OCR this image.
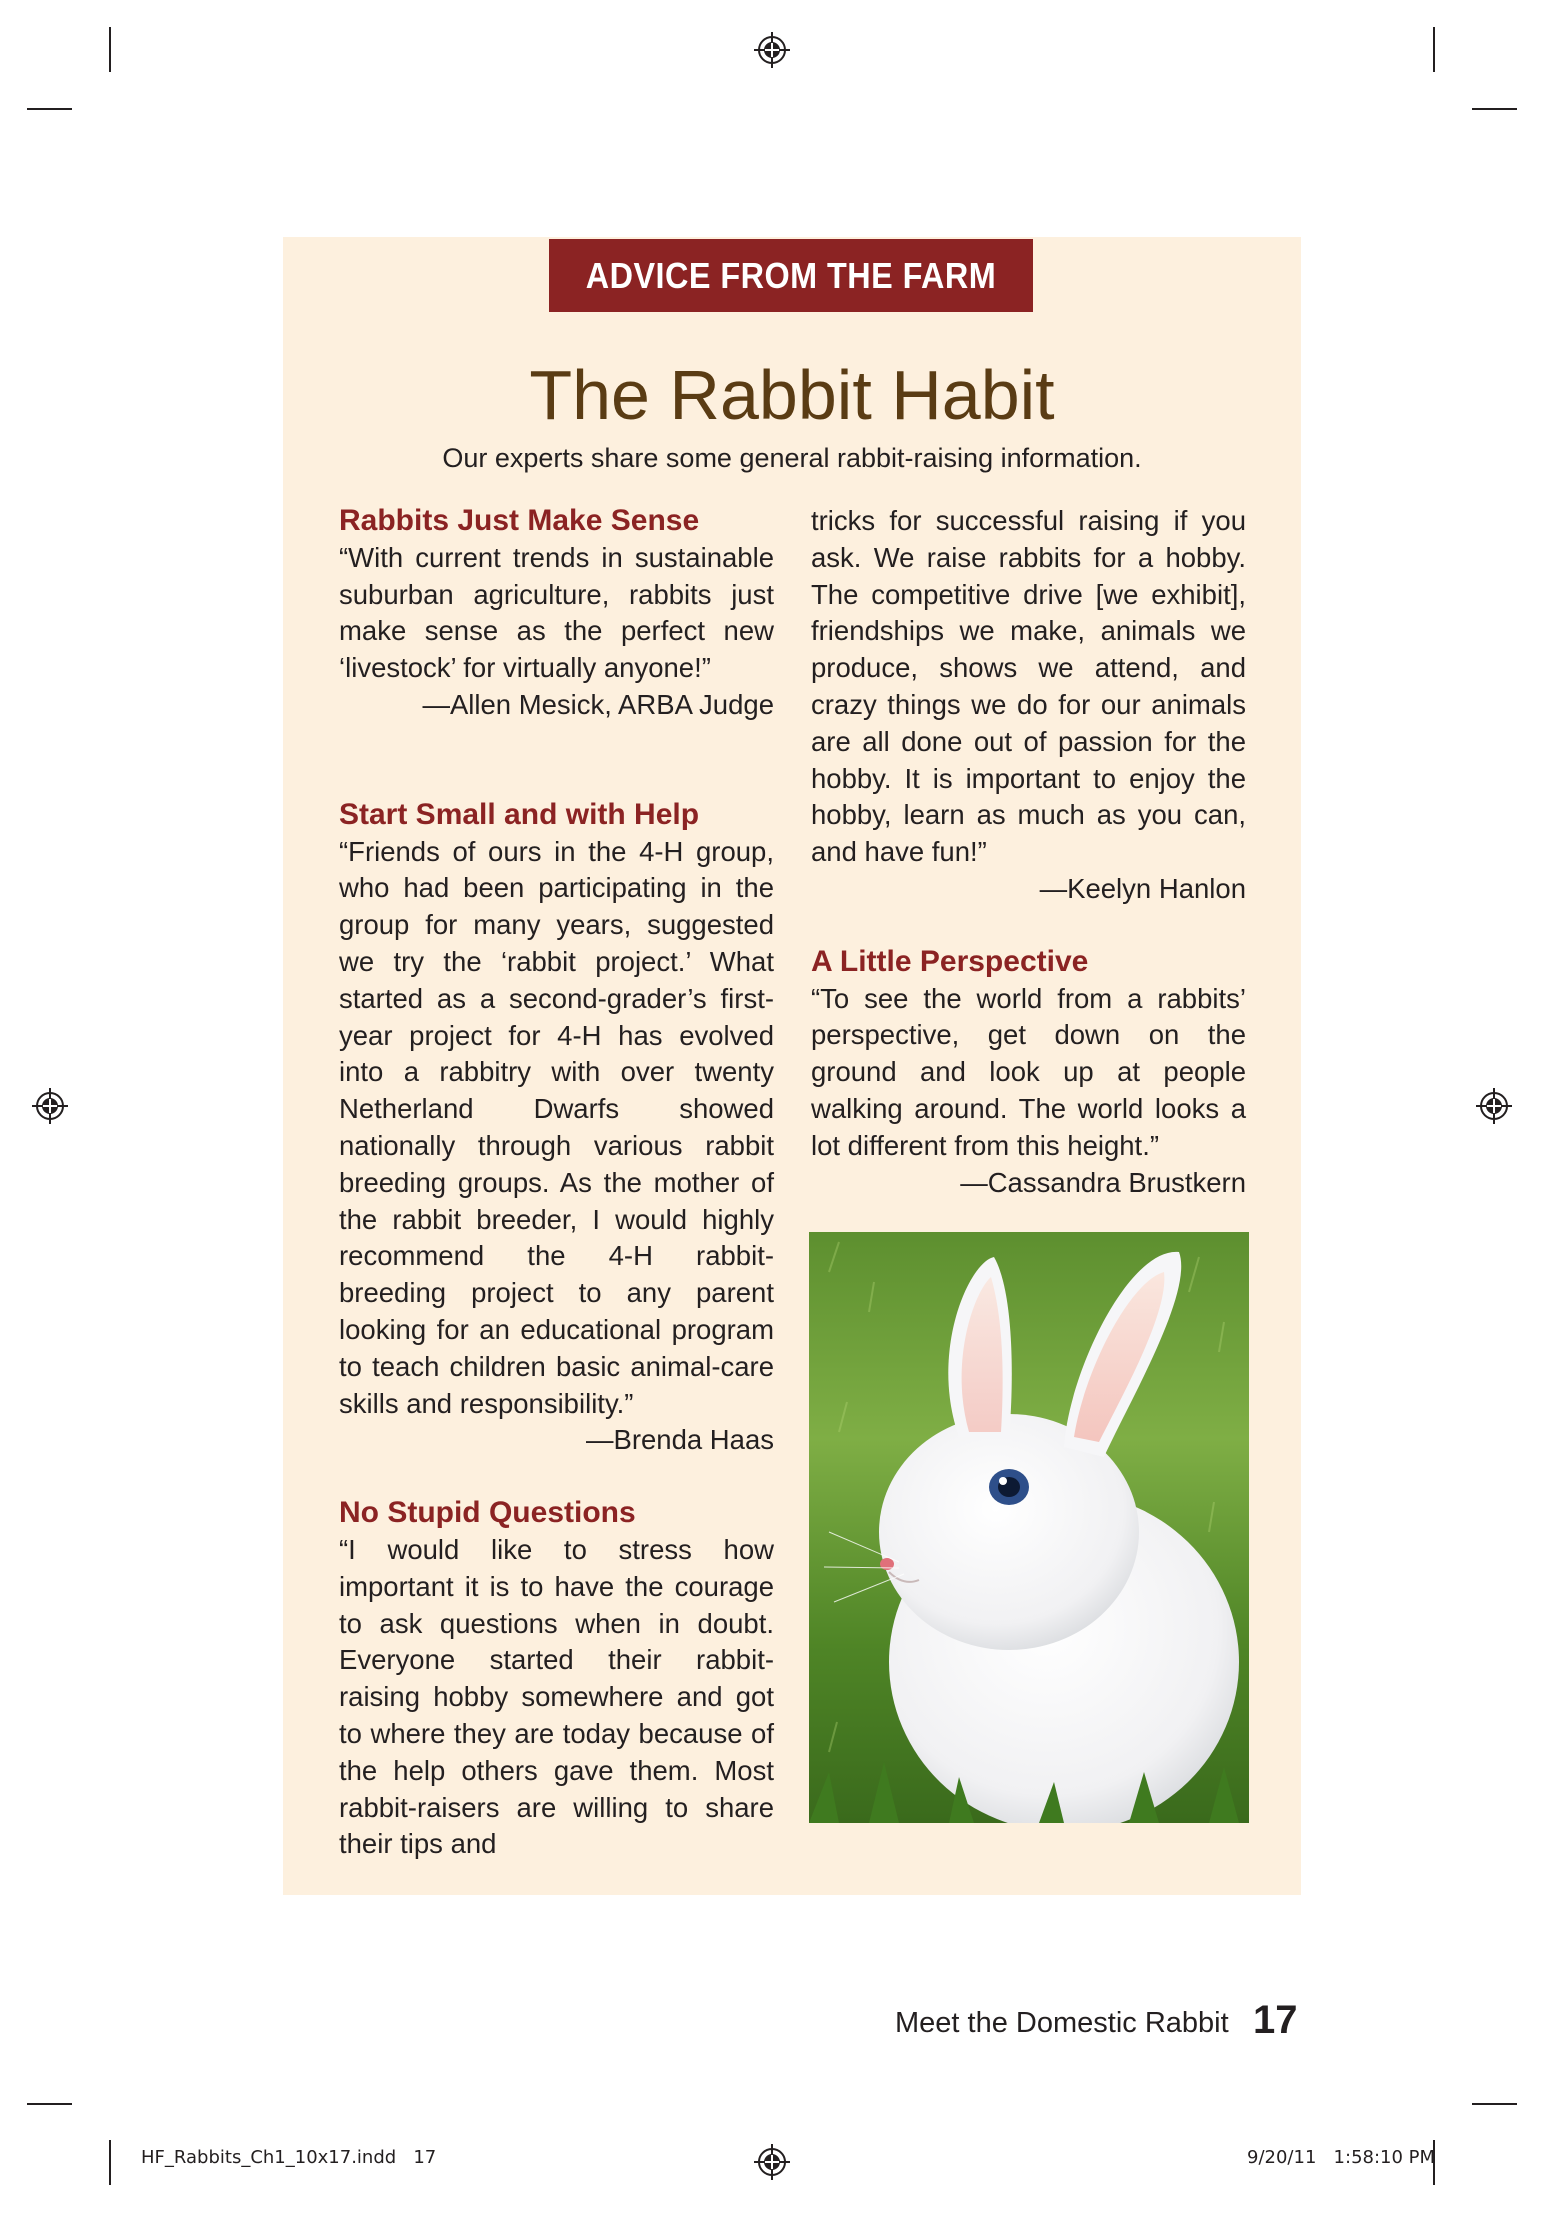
ADVICE FROM THE FARM
The Rabbit Habit
Our experts share some general rabbit-raising information.
Rabbits Just Make Sense

“With current trends in sustainable suburban agriculture, rabbits just make sense as the perfect new ‘livestock’ for virtually anyone!”

—Allen Mesick, ARBA Judge

Start Small and with Help

“Friends of ours in the 4-H group, who had been participating in the group for many years, suggested we try the ‘rabbit project.’ What started as a second-grader’s first-year project for 4-H has evolved into a rabbitry with over twenty Netherland Dwarfs showed nationally through various rabbit breeding groups. As the mother of the rabbit breeder, I would highly recommend the 4-H rabbit-breeding project to any parent looking for an educational program to teach children basic animal-care skills and responsibility.”

—Brenda Haas

No Stupid Questions

“I would like to stress how important it is to have the courage to ask questions when in doubt. Everyone started their rabbit-raising hobby somewhere and got to where they are today because of the help others gave them. Most rabbit-raisers are willing to share their tips and

tricks for successful raising if you ask. We raise rabbits for a hobby. The competitive drive [we exhibit], friendships we make, animals we produce, shows we attend, and crazy things we do for our animals are all done out of passion for the hobby. It is important to enjoy the hobby, learn as much as you can, and have fun!”

—Keelyn Hanlon

A Little Perspective

“To see the world from a rabbits’ perspective, get down on the ground and look up at people walking around. The world looks a lot different from this height.”

—Cassandra Brustkern

Meet the Domestic Rabbit 17
HF_Rabbits_Ch1_10x17.indd   17	9/20/11   1:58:10 PM
